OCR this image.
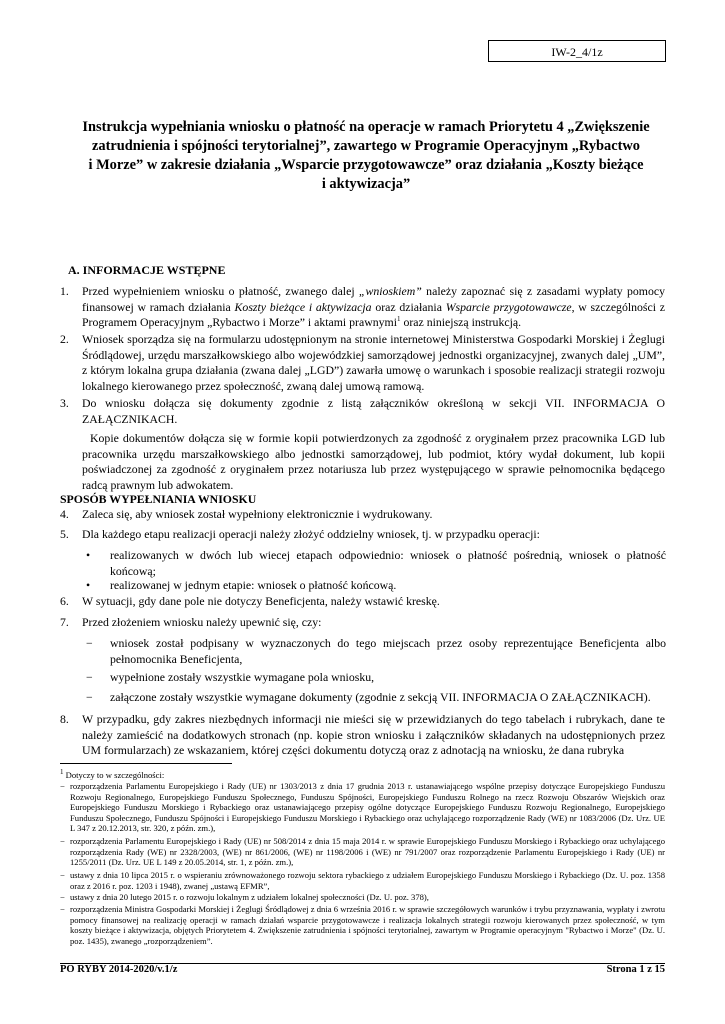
IW-2_4/1z
Instrukcja wypełniania wniosku o płatność na operacje w ramach Priorytetu 4 „Zwiększenie
zatrudnienia i spójności terytorialnej”, zawartego w Programie Operacyjnym „Rybactwo
i Morze” w zakresie działania „Wsparcie przygotowawcze” oraz działania „Koszty bieżące
i aktywizacja”
A. INFORMACJE WSTĘPNE
1.	Przed wypełnieniem wniosku o płatność, zwanego dalej „wnioskiem” należy zapoznać się z zasadami wypłaty pomocy finansowej w ramach działania Koszty bieżące i aktywizacja oraz działania Wsparcie przygotowawcze, w szczególności z Programem Operacyjnym „Rybactwo i Morze” i aktami prawnymi$^1$ oraz niniejszą instrukcją.
2.	Wniosek sporządza się na formularzu udostępnionym na stronie internetowej Ministerstwa Gospodarki Morskiej i Żeglugi Śródlądowej, urzędu marszałkowskiego albo wojewódzkiej samorządowej jednostki organizacyjnej, zwanych dalej „UM”, z którym lokalna grupa działania (zwana dalej „LGD”) zawarła umowę o warunkach i sposobie realizacji strategii rozwoju lokalnego kierowanego przez społeczność, zwaną dalej umową ramową.
3.	Do wniosku dołącza się dokumenty zgodnie z listą załączników określoną w sekcji VII. INFORMACJA O ZAŁĄCZNIKACH.
Kopie dokumentów dołącza się w formie kopii potwierdzonych za zgodność z oryginałem przez pracownika LGD lub pracownika urzędu marszałkowskiego albo jednostki samorządowej, lub podmiot, który wydał dokument, lub kopii poświadczonej za zgodność z oryginałem przez notariusza lub przez występującego w sprawie pełnomocnika będącego radcą prawnym lub adwokatem.
SPOSÓB WYPEŁNIANIA WNIOSKU
4.	Zaleca się, aby wniosek został wypełniony elektronicznie i wydrukowany.
5.	Dla każdego etapu realizacji operacji należy złożyć oddzielny wniosek, tj. w przypadku operacji:
• realizowanych w dwóch lub wiecej etapach odpowiednio: wniosek o płatność pośrednią, wniosek o płatność końcową;
• realizowanej w jednym etapie: wniosek o płatność końcową.
6.	W sytuacji, gdy dane pole nie dotyczy Beneficjenta, należy wstawić kreskę.
7.	Przed złożeniem wniosku należy upewnić się, czy:
− wniosek został podpisany w wyznaczonych do tego miejscach przez osoby reprezentujące Beneficjenta albo pełnomocnika Beneficjenta,
− wypełnione zostały wszystkie wymagane pola wniosku,
− załączone zostały wszystkie wymagane dokumenty (zgodnie z sekcją VII. INFORMACJA O ZAŁĄCZNIKACH).
8.	W przypadku, gdy zakres niezbędnych informacji nie mieści się w przewidzianych do tego tabelach i rubrykach, dane te należy zamieścić na dodatkowych stronach (np. kopie stron wniosku i załączników składanych na udostępnionych przez UM formularzach) ze wskazaniem, której części dokumentu dotyczą oraz z adnotacją na wniosku, że dana rubryka
$^1$ Dotyczy to w szczególności:
− rozporządzenia Parlamentu Europejskiego i Rady (UE) nr 1303/2013 z dnia 17 grudnia 2013 r. ustanawiającego wspólne przepisy dotyczące Europejskiego Funduszu Rozwoju Regionalnego, Europejskiego Funduszu Społecznego, Funduszu Spójności, Europejskiego Funduszu Rolnego na rzecz Rozwoju Obszarów Wiejskich oraz Europejskiego Funduszu Morskiego i Rybackiego oraz ustanawiającego przepisy ogólne dotyczące Europejskiego Funduszu Rozwoju Regionalnego, Europejskiego Funduszu Społecznego, Funduszu Spójności i Europejskiego Funduszu Morskiego i Rybackiego oraz uchylającego rozporządzenie Rady (WE) nr 1083/2006 (Dz. Urz. UE L 347 z 20.12.2013, str. 320, z późn. zm.),
− rozporządzenia Parlamentu Europejskiego i Rady (UE) nr 508/2014 z dnia 15 maja 2014 r. w sprawie Europejskiego Funduszu Morskiego i Rybackiego oraz uchylającego rozporządzenia Rady (WE) nr 2328/2003, (WE) nr 861/2006, (WE) nr 1198/2006 i (WE) nr 791/2007 oraz rozporządzenie Parlamentu Europejskiego i Rady (UE) nr 1255/2011 (Dz. Urz. UE L 149 z 20.05.2014, str. 1, z późn. zm.),
− ustawy z dnia 10 lipca 2015 r. o wspieraniu zrównoważonego rozwoju sektora rybackiego z udziałem Europejskiego Funduszu Morskiego i Rybackiego (Dz. U. poz. 1358 oraz z 2016 r. poz. 1203 i 1948), zwanej „ustawą EFMR”,
− ustawy z dnia 20 lutego 2015 r. o rozwoju lokalnym z udziałem lokalnej społeczności (Dz. U. poz. 378),
− rozporządzenia Ministra Gospodarki Morskiej i Żeglugi Śródlądowej z dnia 6 września 2016 r. w sprawie szczegółowych warunków i trybu przyznawania, wypłaty i zwrotu pomocy finansowej na realizację operacji w ramach działań wsparcie przygotowawcze i realizacja lokalnych strategii rozwoju kierowanych przez społeczność, w tym koszty bieżące i aktywizacja, objętych Priorytetem 4. Zwiększenie zatrudnienia i spójności terytorialnej, zawartym w Programie operacyjnym "Rybactwo i Morze" (Dz. U. poz. 1435), zwanego „rozporządzeniem”.
PO RYBY 2014-2020/v.1/z	Strona 1 z 15
